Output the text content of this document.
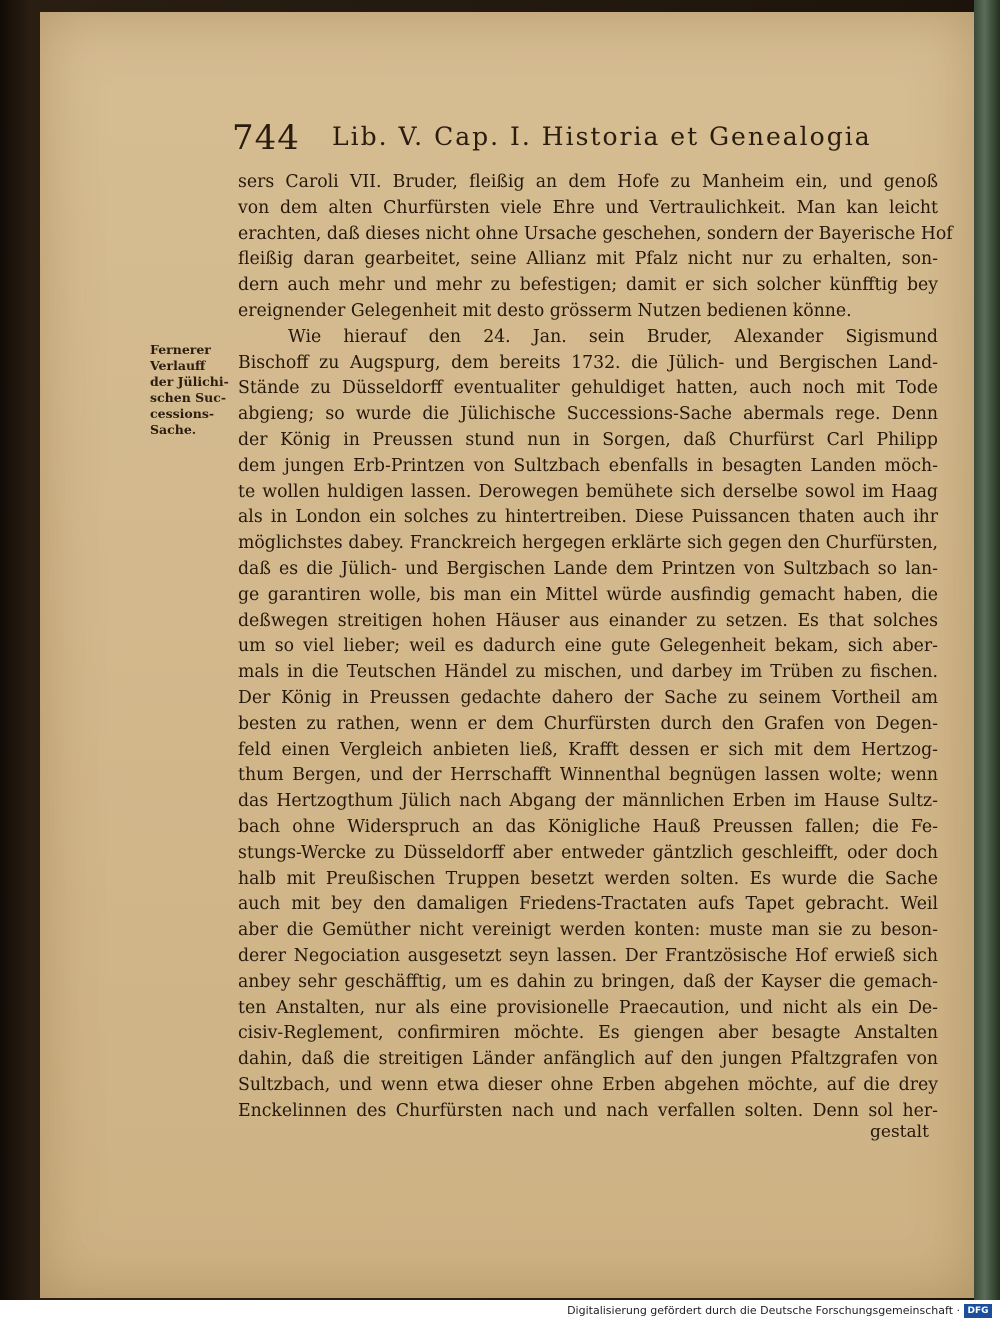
744 Lib. V. Cap. I. Historia et Genealogia
Fernerer
Verlauff
der Jülichi-
schen Suc-
cessions-
Sache.
sers Caroli VII. Bruder, fleißig an dem Hofe zu Manheim ein, und genoß
von dem alten Churfürsten viele Ehre und Vertraulichkeit. Man kan leicht
erachten, daß dieses nicht ohne Ursache geschehen, sondern der Bayerische Hof
fleißig daran gearbeitet, seine Allianz mit Pfalz nicht nur zu erhalten, son-
dern auch mehr und mehr zu befestigen; damit er sich solcher künfftig bey
ereignender Gelegenheit mit desto grösserm Nutzen bedienen könne.
Wie hierauf den 24. Jan. sein Bruder, Alexander Sigismund
Bischoff zu Augspurg, dem bereits 1732. die Jülich- und Bergischen Land-
Stände zu Düsseldorff eventualiter gehuldiget hatten, auch noch mit Tode
abgieng; so wurde die Jülichische Successions-Sache abermals rege. Denn
der König in Preussen stund nun in Sorgen, daß Churfürst Carl Philipp
dem jungen Erb-Printzen von Sultzbach ebenfalls in besagten Landen möch-
te wollen huldigen lassen. Derowegen bemühete sich derselbe sowol im Haag
als in London ein solches zu hintertreiben. Diese Puissancen thaten auch ihr
möglichstes dabey. Franckreich hergegen erklärte sich gegen den Churfürsten,
daß es die Jülich- und Bergischen Lande dem Printzen von Sultzbach so lan-
ge garantiren wolle, bis man ein Mittel würde ausfindig gemacht haben, die
deßwegen streitigen hohen Häuser aus einander zu setzen. Es that solches
um so viel lieber; weil es dadurch eine gute Gelegenheit bekam, sich aber-
mals in die Teutschen Händel zu mischen, und darbey im Trüben zu fischen.
Der König in Preussen gedachte dahero der Sache zu seinem Vortheil am
besten zu rathen, wenn er dem Churfürsten durch den Grafen von Degen-
feld einen Vergleich anbieten ließ, Krafft dessen er sich mit dem Hertzog-
thum Bergen, und der Herrschafft Winnenthal begnügen lassen wolte; wenn
das Hertzogthum Jülich nach Abgang der männlichen Erben im Hause Sultz-
bach ohne Widerspruch an das Königliche Hauß Preussen fallen; die Fe-
stungs-Wercke zu Düsseldorff aber entweder gäntzlich geschleifft, oder doch
halb mit Preußischen Truppen besetzt werden solten. Es wurde die Sache
auch mit bey den damaligen Friedens-Tractaten aufs Tapet gebracht. Weil
aber die Gemüther nicht vereinigt werden konten: muste man sie zu beson-
derer Negociation ausgesetzt seyn lassen. Der Frantzösische Hof erwieß sich
anbey sehr geschäfftig, um es dahin zu bringen, daß der Kayser die gemach-
ten Anstalten, nur als eine provisionelle Praecaution, und nicht als ein De-
cisiv-Reglement, confirmiren möchte. Es giengen aber besagte Anstalten
dahin, daß die streitigen Länder anfänglich auf den jungen Pfaltzgrafen von
Sultzbach, und wenn etwa dieser ohne Erben abgehen möchte, auf die drey
Enckelinnen des Churfürsten nach und nach verfallen solten. Denn sol her-
gestalt
Digitalisierung gefördert durch die Deutsche Forschungsgemeinschaft · DFG
